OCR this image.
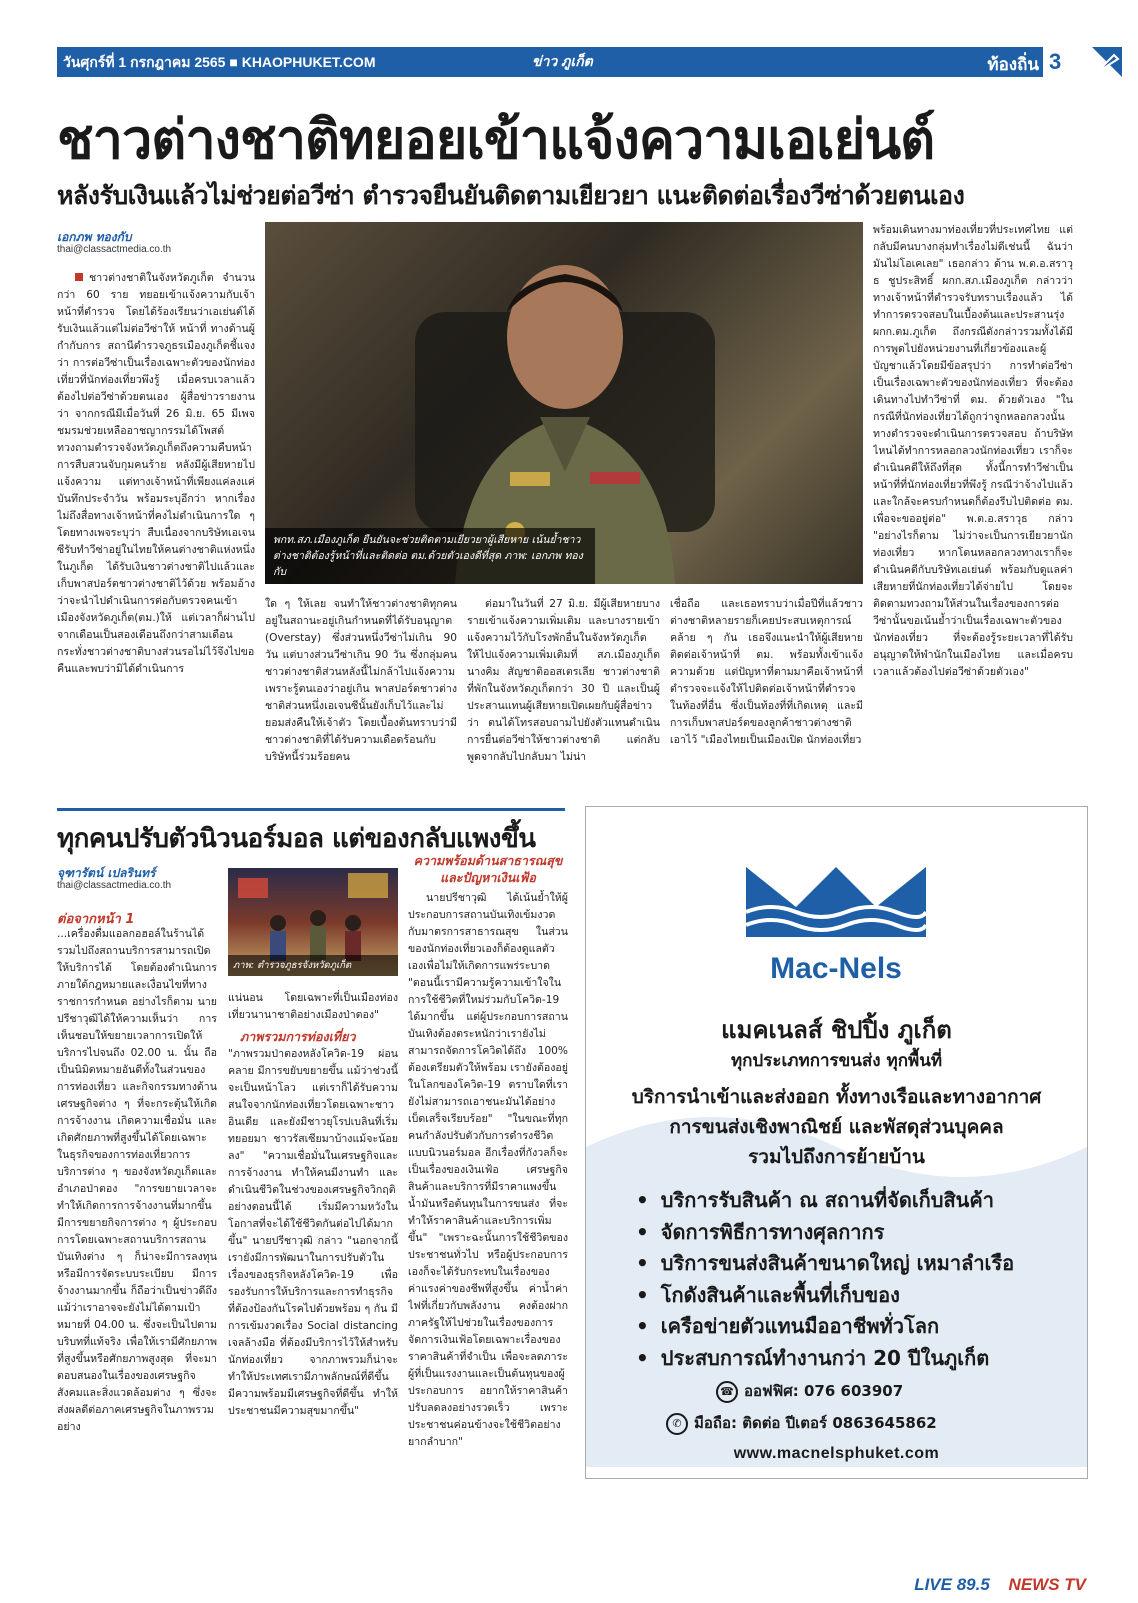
วันศุกร์ที่ 1 กรกฎาคม 2565 ■ KHAOPHUKET.COM	ข่าว ภูเก็ต	ท้องถิ่น 3
ชาวต่างชาติทยอยเข้าแจ้งความเอเย่นต์
หลังรับเงินแล้วไม่ช่วยต่อวีซ่า ตำรวจยืนยันติดตามเยียวยา แนะติดต่อเรื่องวีซ่าด้วยตนเอง
เอกภพ ทองกับ
thai@classactmedia.co.th

ชาวต่างชาติในจังหวัดภูเก็ต จำนวนกว่า 60 ราย ทยอยเข้าแจ้งความกับเจ้าหน้าที่ตำรวจ โดยได้ร้องเรียนว่าเอเย่นต์ได้รับเงินแล้วแต่ไม่ต่อวีซ่าให้ หน้าที่ ทางด้านผู้กำกับการ สถานีตำรวจภูธรเมืองภูเก็ตชี้แจงว่า การต่อวีซ่าเป็นเรื่องเฉพาะตัวของนักท่องเที่ยวที่นักท่องเที่ยวพึงรู้ เมื่อครบเวลาแล้วต้องไปต่อวีซ่าด้วยตนเอง ผู้สื่อข่าวรายงานว่า จากกรณีมีเมื่อวันที่ 26 มิ.ย. 65 มีเพจชมรมช่วยเหลืออาชญากรรมได้โพสต์ทวงถามตำรวจจังหวัดภูเก็ตถึงความคืบหน้าการสืบสวนจับกุมคนร้าย หลังมีผู้เสียหายไปแจ้งความ แต่ทางเจ้าหน้าที่เพียงแค่ลงแค่บันทึกประจำวัน พร้อมระบุอีกว่า หากเรื่องไม่ถึงสื่อทางเจ้าหน้าที่คงไม่ดำเนินการใด ๆ โดยทางเพจระบุว่า สืบเนื่องจากบริษัทเอเจนซีรับทำวีซ่าอยู่ในไทยให้คนต่างชาติแห่งหนึ่งในภูเก็ต ได้รับเงินชาวต่างชาติไปแล้วและเก็บพาสปอร์ตชาวต่างชาติไว้ด้วย พร้อมอ้างว่าจะนำไปดำเนินการต่อกับตรวจคนเข้าเมืองจังหวัดภูเก็ต(ตม.)ให้ แต่เวลาก็ผ่านไปจากเดือนเป็นสองเดือนถึงกว่าสามเดือน กระทั่งชาวต่างชาติบางส่วนรอไม่ไว้จึงไปขอคืนและพบว่ามิได้ดำเนินการ

พกท.สภ.เมืองภูเก็ต ยืนยันจะช่วยติดตามเยียวยาผู้เสียหาย เน้นย้ำชาวต่างชาติต้องรู้หน้าที่และติดต่อ ตม.ด้วยตัวเองดีที่สุด ภาพ: เอกภพ ทองกับ
ใด ๆ ให้เลย จนทำให้ชาวต่างชาติทุกคนอยู่ในสถานะอยู่เกินกำหนดที่ได้รับอนุญาต (Overstay) ซึ่งส่วนหนึ่งวีซ่าไม่เกิน 90 วัน แต่บางส่วนวีซ่าเกิน 90 วัน ซึ่งกลุ่มคนชาวต่างชาติส่วนหลังนี้ไม่กล้าไปแจ้งความ เพราะรู้ตนเองว่าอยู่เกิน พาสปอร์ตชาวต่างชาติส่วนหนึ่งเอเจนซีนั้นยังเก็บไว้และไม่ยอมส่งคืนให้เจ้าตัว โดยเบื้องต้นทราบว่ามีชาวต่างชาติที่ได้รับความเดือดร้อนกับบริษัทนี้ร่วมร้อยคน

ต่อมาในวันที่ 27 มิ.ย. มีผู้เสียหายบางรายเข้าแจ้งความเพิ่มเติม และบางรายเข้าแจ้งความไว้กับโรงพักอื่นในจังหวัดภูเก็ต ให้ไปแจ้งความเพิ่มเติมที่ สภ.เมืองภูเก็ต นางคิม สัญชาติออสเตรเลีย ชาวต่างชาติที่พักในจังหวัดภูเก็ตกว่า 30 ปี และเป็นผู้ประสานแทนผู้เสียหายเปิดเผยกับผู้สื่อข่าวว่า ตนได้โทรสอบถามไปยังตัวแทนดำเนินการยื่นต่อวีซ่าให้ชาวต่างชาติ แต่กลับพูดจากลับไปกลับมา ไม่น่า

เชื่อถือ และเธอทราบว่าเมื่อปีที่แล้วชาวต่างชาติหลายรายก็เคยประสบเหตุการณ์คล้าย ๆ กัน เธอจึงแนะนำให้ผู้เสียหายติดต่อเจ้าหน้าที่ ตม. พร้อมทั้งเข้าแจ้งความด้วย แต่ปัญหาที่ตามมาคือเจ้าหน้าที่ตำรวจจะแจ้งให้ไปติดต่อเจ้าหน้าที่ตำรวจในท้องที่อื่น ซึ่งเป็นท้องที่ที่เกิดเหตุ และมีการเก็บพาสปอร์ตของลูกค้าชาวต่างชาติเอาไว้ "เมืองไทยเป็นเมืองเปิด นักท่องเที่ยว
พร้อมเดินทางมาท่องเที่ยวที่ประเทศไทย แต่กลับมีคนบางกลุ่มทำเรื่องไม่ดีเช่นนี้ ฉันว่ามันไม่โอเคเลย" เธอกล่าว ด้าน พ.ต.อ.สราวุธ ชูประสิทธิ์ ผกก.สภ.เมืองภูเก็ต กล่าวว่า ทางเจ้าหน้าที่ตำรวจรับทราบเรื่องแล้ว ได้ทำการตรวจสอบในเบื้องต้นและประสานรุ่ง ผกก.ตม.ภูเก็ต ถึงกรณีดังกล่าวรวมทั้งได้มีการพูดไปยังหน่วยงานที่เกี่ยวข้องและผู้บัญชาแล้วโดยมีข้อสรุปว่า การทำต่อวีซ่าเป็นเรื่องเฉพาะตัวของนักท่องเที่ยว ที่จะต้องเดินทางไปทำวีซ่าที่ ตม. ด้วยตัวเอง "ในกรณีที่นักท่องเที่ยวได้ถูกว่าจูกหลอกลวงนั้น ทางตำรวจจะดำเนินการตรวจสอบ ถ้าบริษัทไหนได้ทำการหลอกลวงนักท่องเที่ยว เราก็จะดำเนินคดีให้ถึงที่สุด ทั้งนี้การทำวีซ่าเป็นหน้าที่ที่นักท่องเที่ยวที่พึงรู้ กรณีว่าจ้างไปแล้วและใกล้จะครบกำหนดก็ต้องรีบไปติดต่อ ตม. เพื่อจะขออยู่ต่อ" พ.ต.อ.สราวุธ กล่าว "อย่างไรก็ตาม ไม่ว่าจะเป็นการเยียวยานักท่องเที่ยว หากโดนหลอกลวงทางเราก็จะดำเนินคดีกับบริษัทเอเย่นต์ พร้อมกับดูแลค่าเสียหายที่นักท่องเที่ยวได้จ่ายไป โดยจะติดตามทวงถามให้ส่วนในเรื่องของการต่อวีซ่านั้นขอเน้นย้ำว่าเป็นเรื่องเฉพาะตัวของนักท่องเที่ยว ที่จะต้องรู้ระยะเวลาที่ได้รับอนุญาตให้พำนักในเมืองไทย และเมื่อครบเวลาแล้วต้องไปต่อวีซ่าด้วยตัวเอง"
ทุกคนปรับตัวนิวนอร์มอล แต่ของกลับแพงขึ้น
จุฑารัตน์ เปลรินทร์
thai@classactmedia.co.th
ต่อจากหน้า 1
ภาพ: ตำรวจภูธรจังหวัดภูเก็ต
...เครื่องดื่มแอลกอฮอล์ในร้านได้ รวมไปถึงสถานบริการสามารถเปิดให้บริการได้ โดยต้องดำเนินการภายใต้กฎหมายและเงื่อนไขที่ทางราชการกำหนด อย่างไรก็ตาม นายปรีชาวุฒิได้ให้ความเห็นว่า การเห็นชอบให้ขยายเวลาการเปิดให้บริการไปจนถึง 02.00 น. นั้น ถือเป็นนิมิตหมายอันดีทั้งในส่วนของการท่องเที่ยว และกิจกรรมทางด้านเศรษฐกิจต่าง ๆ ที่จะกระตุ้นให้เกิดการจ้างงาน เกิดความเชื่อมั่น และเกิดศักยภาพที่สูงขึ้นได้โดยเฉพาะในธุรกิจของการท่องเที่ยวการบริการต่าง ๆ ของจังหวัดภูเก็ตและอำเภอป่าตอง "การขยายเวลาจะทำให้เกิดการการจ้างงานที่มากขึ้น มีการขยายกิจการต่าง ๆ ผู้ประกอบการโดยเฉพาะสถานบริการสถานบันเทิงต่าง ๆ ก็น่าจะมีการลงทุนหรือมีการจัดระบบระเบียบ มีการจ้างงานมากขึ้น ก็ถือว่าเป็นข่าวดีถึงแม้ว่าเราอาจจะยังไม่ได้ตามเป้าหมายที่ 04.00 น. ซึ่งจะเป็นไปตามบริบทที่แท้จริง เพื่อให้เรามีศักยภาพที่สูงขึ้นหรือศักยภาพสูงสุด ที่จะมาตอบสนองในเรื่องของเศรษฐกิจสังคมและสิ่งแวดล้อมต่าง ๆ ซึ่งจะส่งผลดีต่อภาคเศรษฐกิจในภาพรวมอย่าง
แน่นอน โดยเฉพาะที่เป็นเมืองท่องเที่ยวนานาชาติอย่างเมืองป่าตอง"
ภาพรวมการท่องเที่ยว
"ภาพรวมป่าตองหลังโควิด-19 ผ่อนคลาย มีการขยับขยายขึ้น แม้ว่าช่วงนี้จะเป็นหน้าโลว แต่เราก็ได้รับความสนใจจากนักท่องเที่ยวโดยเฉพาะชาวอินเดีย และยังมีชาวยุโรปเบลินที่เริ่มทยอยมา ชาวรัสเซียมาบ้างแม้จะน้อยลง" "ความเชื่อมั่นในเศรษฐกิจและการจ้างงาน ทำให้คนมีงานทำ และดำเนินชีวิตในช่วงของเศรษฐกิจวิกฤติอย่างตอนนี้ได้ เริ่มมีความหวังในโอกาสที่จะได้ใช้ชีวิตกันต่อไปได้มากขึ้น" นายปรีชาวุฒิ กล่าว "นอกจากนี้เรายังมีการพัฒนาในการปรับตัวในเรื่องของธุรกิจหลังโควิด-19 เพื่อรองรับการให้บริการและการทำธุรกิจ ที่ต้องป้องกันโรคไปด้วยพร้อม ๆ กัน มีการเข้มงวดเรื่อง Social distancing เจลล้างมือ ที่ต้องมีบริการไว้ให้สำหรับนักท่องเที่ยว จากภาพรวมก็น่าจะทำให้ประเทศเรามีภาพลักษณ์ที่ดีขึ้น มีความพร้อมมีเศรษฐกิจที่ดีขึ้น ทำให้ประชาชนมีความสุขมากขึ้น"
ความพร้อมด้านสาธารณสุข และปัญหาเงินเฟ้อ

นายปรีชาวุฒิ ได้เน้นย้ำให้ผู้ประกอบการสถานบันเทิงเข้มงวดกับมาตรการสาธารณสุข ในส่วนของนักท่องเที่ยวเองก็ต้องดูแลตัวเองเพื่อไม่ให้เกิดการแพร่ระบาด "ตอนนี้เรามีความรู้ความเข้าใจในการใช้ชีวิตที่ใหม่ร่วมกับโควิด-19 ได้มากขึ้น แต่ผู้ประกอบการสถานบันเทิงต้องตระหนักว่าเรายังไม่สามารถจัดการโควิดได้ถึง 100% ต้องเตรียมตัวให้พร้อม เรายังต้องอยู่ในโลกของโควิด-19 ตราบใดที่เรายังไม่สามารถเอาชนะมันได้อย่างเบ็ดเสร็จเรียบร้อย" "ในขณะที่ทุกคนกำลังปรับตัวกับการดำรงชีวิตแบบนิวนอร์มอล อีกเรื่องที่กังวลก็จะเป็นเรื่องของเงินเฟ้อ เศรษฐกิจ สินค้าและบริการที่มีราคาแพงขึ้น น้ำมันหรือต้นทุนในการขนส่ง ที่จะทำให้ราคาสินค้าและบริการเพิ่มขึ้น" "เพราะฉะนั้นการใช้ชีวิตของประชาชนทั่วไป หรือผู้ประกอบการเองก็จะได้รับกระทบในเรื่องของค่าแรงค่าของชีพที่สูงขึ้น ค่าน้ำค่าไฟที่เกี่ยวกับพลังงาน คงต้องฝากภาครัฐให้ไปช่วยในเรื่องของการจัดการเงินเฟ้อโดยเฉพาะเรื่องของราคาสินค้าที่จำเป็น เพื่อจะลดภาระผู้ที่เป็นแรงงานและเป็นต้นทุนของผู้ประกอบการ อยากให้ราคาสินค้าปรับลดลงอย่างรวดเร็ว เพราะประชาชนค่อนข้างจะใช้ชีวิตอย่างยากลำบาก"

Mac-Nels
แมคเนลส์ ชิปปิ้ง ภูเก็ต
ทุกประเภทการขนส่ง ทุกพื้นที่
บริการนำเข้าและส่งออก ทั้งทางเรือและทางอากาศ
การขนส่งเชิงพาณิชย์ และพัสดุส่วนบุคคล
รวมไปถึงการย้ายบ้าน
• บริการรับสินค้า ณ สถานที่จัดเก็บสินค้า
• จัดการพิธีการทางศุลกากร
• บริการขนส่งสินค้าขนาดใหญ่ เหมาลำเรือ
• โกดังสินค้าและพื้นที่เก็บของ
• เครือข่ายตัวแทนมืออาชีพทั่วโลก
• ประสบการณ์ทำงานกว่า 20 ปีในภูเก็ต
☎ ออฟฟิศ: 076 603907
✆ มือถือ: ติดต่อ ปีเตอร์ 0863645862
www.macnelsphuket.com
LIVE 89.5 NEWS TV
